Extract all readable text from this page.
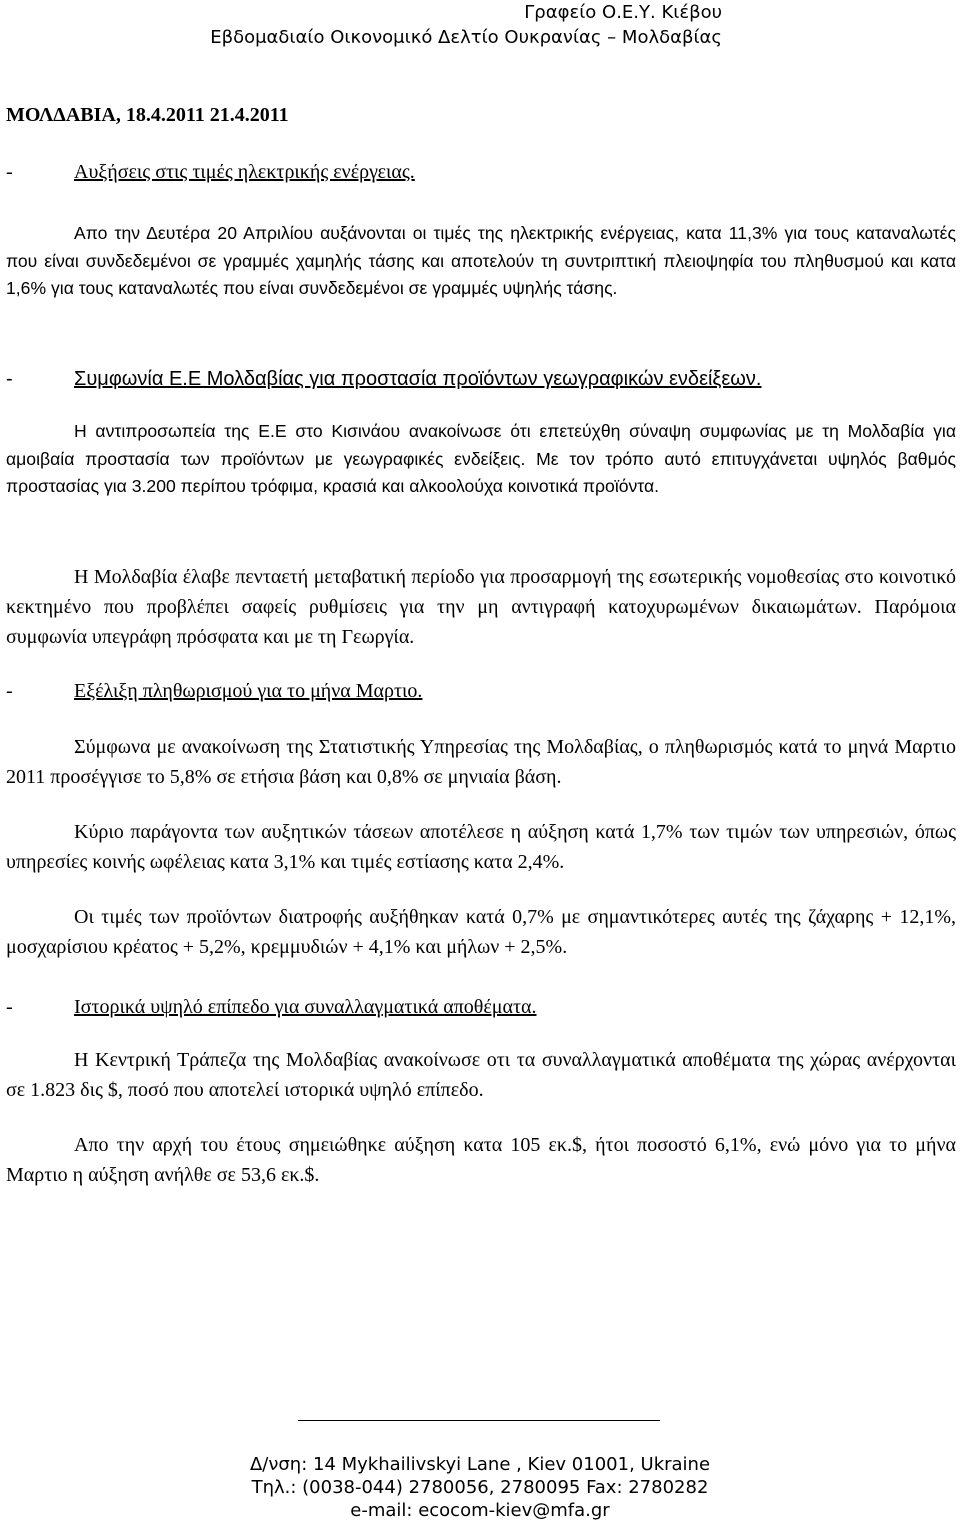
Γραφείο Ο.Ε.Υ. Κιέβου
Εβδομαδιαίο Οικονομικό Δελτίο Ουκρανίας – Μολδαβίας
ΜΟΛΔΑΒΙΑ, 18.4.2011 21.4.2011
-	Αυξήσεις στις τιμές ηλεκτρικής ενέργειας.

Απο την Δευτέρα 20 Απριλίου αυξάνονται οι τιμές της ηλεκτρικής ενέργειας, κατα 11,3% για τους καταναλωτές που είναι συνδεδεμένοι σε γραμμές χαμηλής τάσης και αποτελούν τη συντριπτική πλειοψηφία του πληθυσμού και κατα 1,6% για τους καταναλωτές που είναι συνδεδεμένοι σε γραμμές υψηλής τάσης.

-	Συμφωνία Ε.Ε Μολδαβίας για προστασία προϊόντων γεωγραφικών ενδείξεων.

Η αντιπροσωπεία της Ε.Ε στο Κισινάου ανακοίνωσε ότι επετεύχθη σύναψη συμφωνίας με τη Μολδαβία για αμοιβαία προστασία των προϊόντων με γεωγραφικές ενδείξεις. Με τον τρόπο αυτό επιτυγχάνεται υψηλός βαθμός προστασίας για 3.200 περίπου τρόφιμα, κρασιά και αλκοολούχα κοινοτικά προϊόντα.

Η Μολδαβία έλαβε πενταετή μεταβατική περίοδο για προσαρμογή της εσωτερικής νομοθεσίας στο κοινοτικό κεκτημένο που προβλέπει σαφείς ρυθμίσεις για την μη αντιγραφή κατοχυρωμένων δικαιωμάτων. Παρόμοια συμφωνία υπεγράφη πρόσφατα και με τη Γεωργία.

-	Εξέλιξη πληθωρισμού για το μήνα Μαρτιο.

Σύμφωνα με ανακοίνωση της Στατιστικής Υπηρεσίας της Μολδαβίας, ο πληθωρισμός κατά το μηνά Μαρτιο 2011 προσέγγισε το 5,8% σε ετήσια βάση και 0,8% σε μηνιαία βάση.

Κύριο παράγοντα των αυξητικών τάσεων αποτέλεσε η αύξηση κατά 1,7% των τιμών των υπηρεσιών, όπως υπηρεσίες κοινής ωφέλειας κατα 3,1% και τιμές εστίασης κατα 2,4%.

Οι τιμές των προϊόντων διατροφής αυξήθηκαν κατά 0,7% με σημαντικότερες αυτές της ζάχαρης + 12,1%, μοσχαρίσιου κρέατος + 5,2%, κρεμμυδιών + 4,1% και μήλων + 2,5%.

-	Ιστορικά υψηλό επίπεδο για συναλλαγματικά αποθέματα.

Η Κεντρική Τράπεζα της Μολδαβίας ανακοίνωσε οτι τα συναλλαγματικά αποθέματα της χώρας ανέρχονται σε 1.823 δις $, ποσό που αποτελεί ιστορικά υψηλό επίπεδο.

Απο την αρχή του έτους σημειώθηκε αύξηση κατα 105 εκ.$, ήτοι ποσοστό 6,1%, ενώ μόνο για το μήνα Μαρτιο η αύξηση ανήλθε σε 53,6 εκ.$.

Δ/νση: 14 Mykhailivskyi Lane , Kiev 01001, Ukraine
Τηλ.: (0038-044) 2780056, 2780095 Fax: 2780282
e-mail: ecocom-kiev@mfa.gr
